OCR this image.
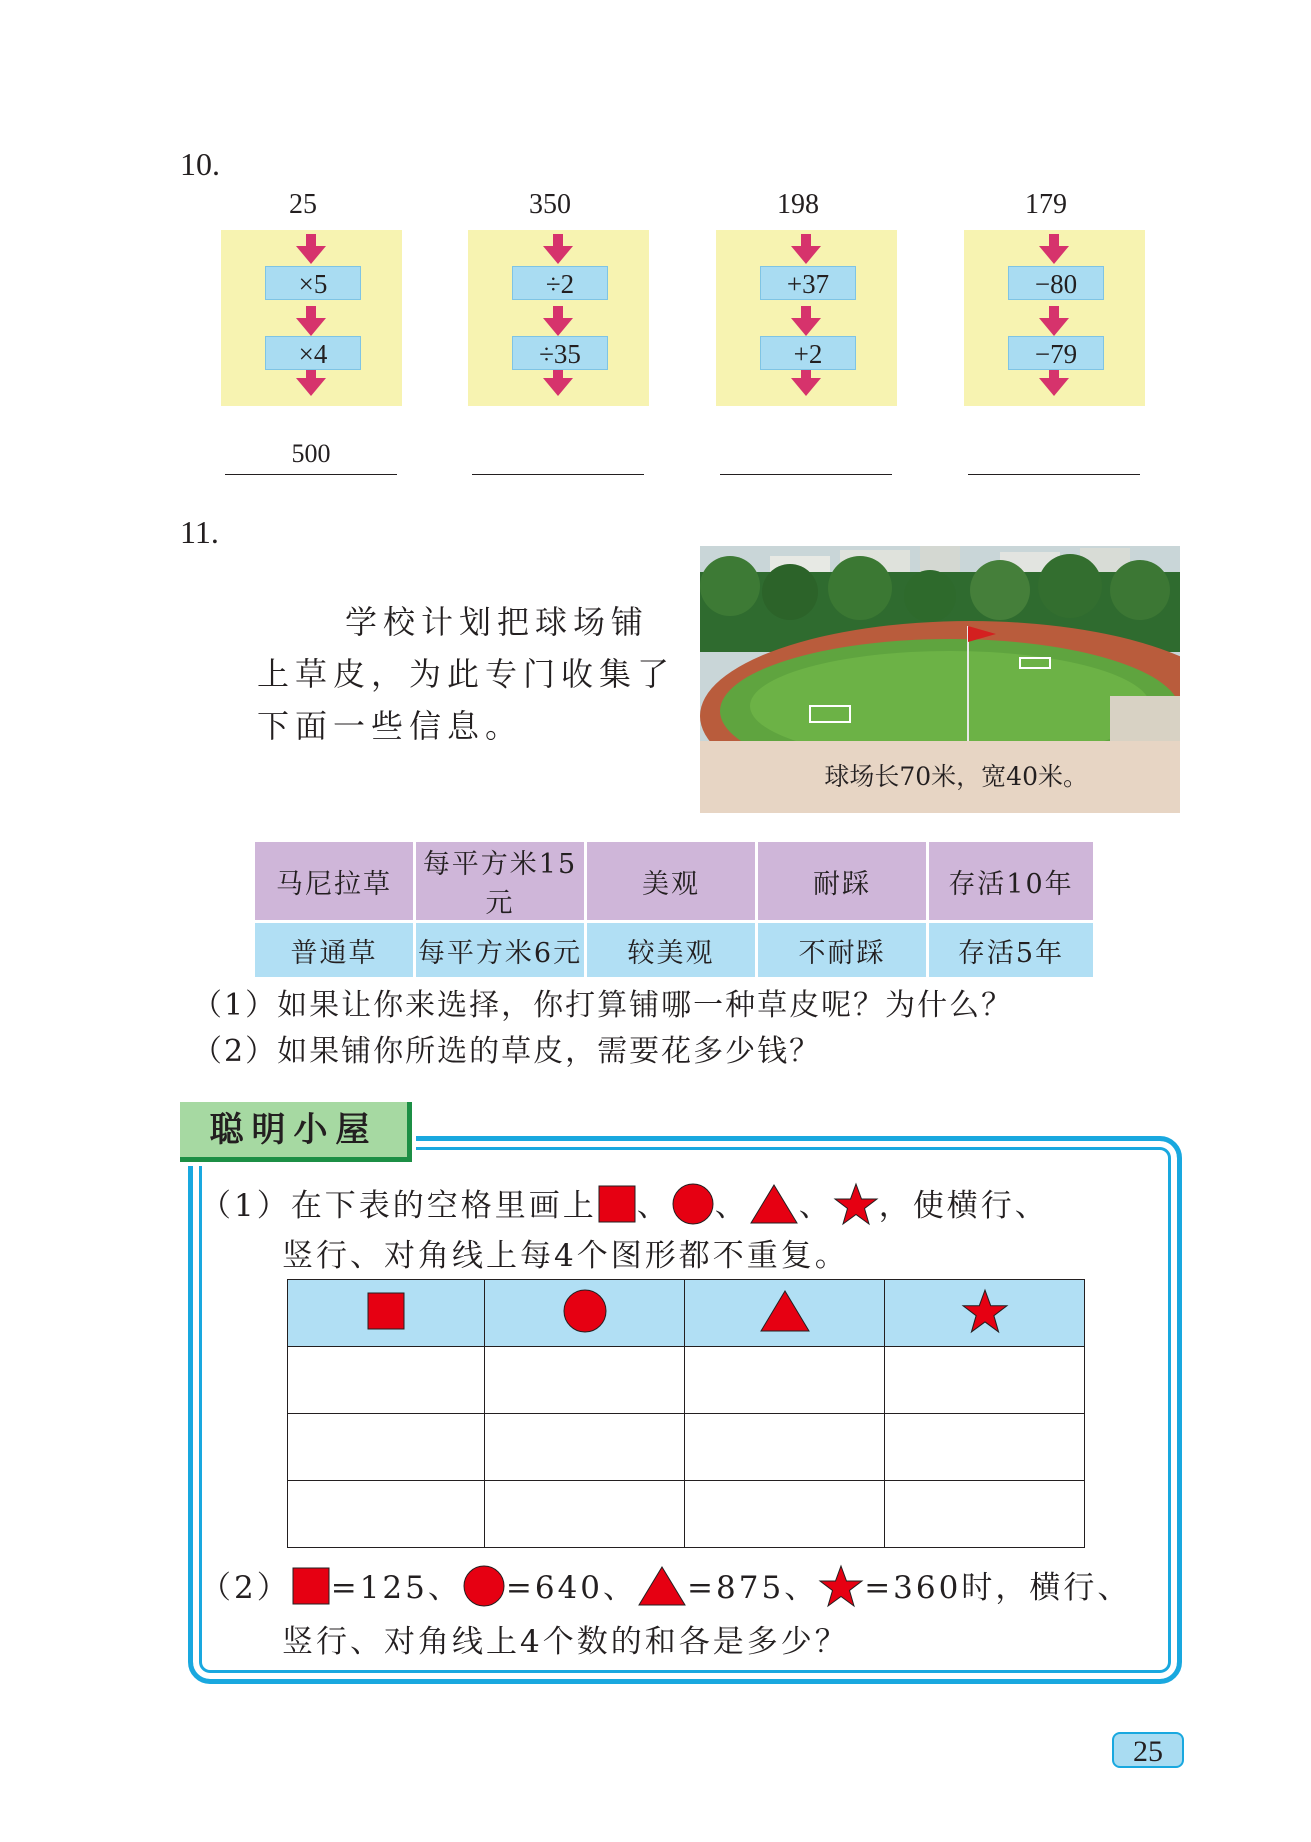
10.
25
×5
×4
500
350
÷2
÷35
198
+37
+2
179
−80
−79
11.
学校计划把球场铺
上草皮，为此专门收集了
下面一些信息。
球场长70米，宽40米。
马尼拉草	每平方米15元	美观	耐踩	存活10年
普通草	每平方米6元	较美观	不耐踩	存活5年
（1）如果让你来选择，你打算铺哪一种草皮呢？为什么？
（2）如果铺你所选的草皮，需要花多少钱？
聪明小屋
（1）在下表的空格里画上 、 、 、 ，使横行、
竖行、对角线上每4个图形都不重复。

（2） =125、 =640、 =875、 =360时，横行、
竖行、对角线上4个数的和各是多少？
25
